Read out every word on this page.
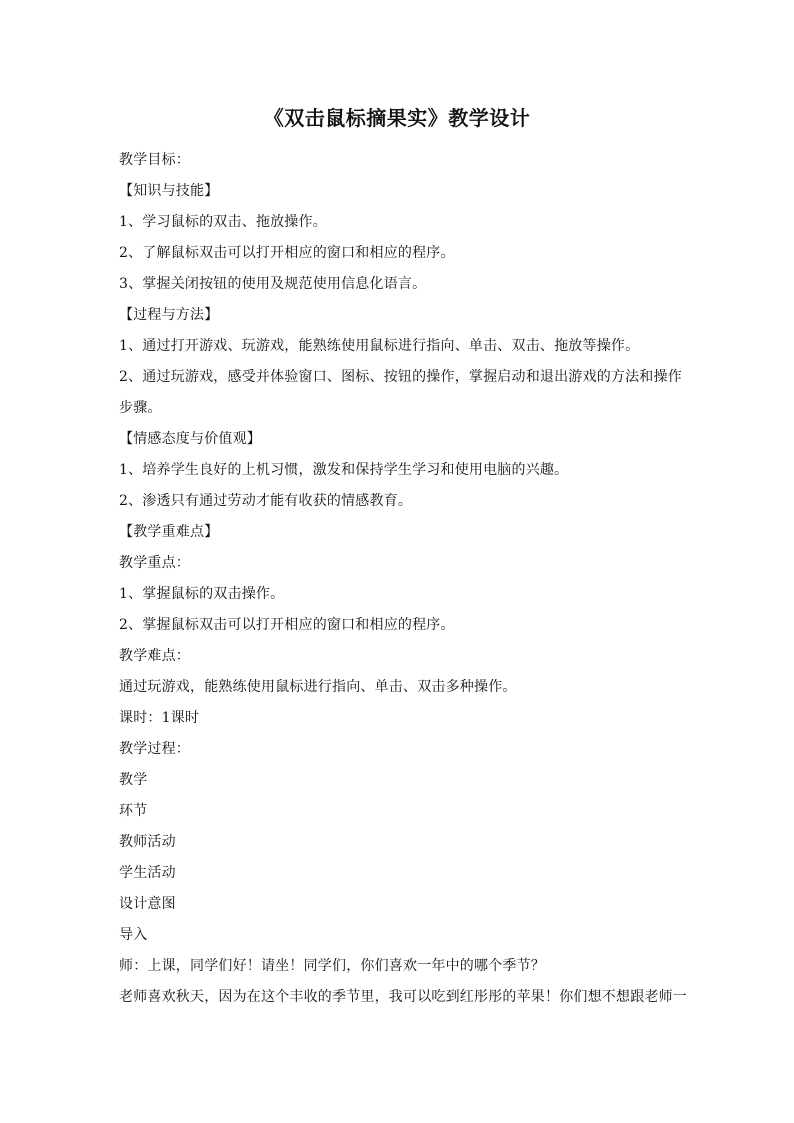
《双击鼠标摘果实》教学设计
教学目标：
【知识与技能】
1、学习鼠标的双击、拖放操作。
2、了解鼠标双击可以打开相应的窗口和相应的程序。
3、掌握关闭按钮的使用及规范使用信息化语言。
【过程与方法】
1、通过打开游戏、玩游戏，能熟练使用鼠标进行指向、单击、双击、拖放等操作。
2、通过玩游戏，感受并体验窗口、图标、按钮的操作，掌握启动和退出游戏的方法和操作
步骤。
【情感态度与价值观】
1、培养学生良好的上机习惯，激发和保持学生学习和使用电脑的兴趣。
2、渗透只有通过劳动才能有收获的情感教育。
【教学重难点】
教学重点：
1、掌握鼠标的双击操作。
2、掌握鼠标双击可以打开相应的窗口和相应的程序。
教学难点：
通过玩游戏，能熟练使用鼠标进行指向、单击、双击多种操作。
课时：1课时
教学过程：
教学
环节
教师活动
学生活动
设计意图
导入
师：上课，同学们好！请坐！同学们，你们喜欢一年中的哪个季节？
老师喜欢秋天，因为在这个丰收的季节里，我可以吃到红彤彤的苹果！你们想不想跟老师一
